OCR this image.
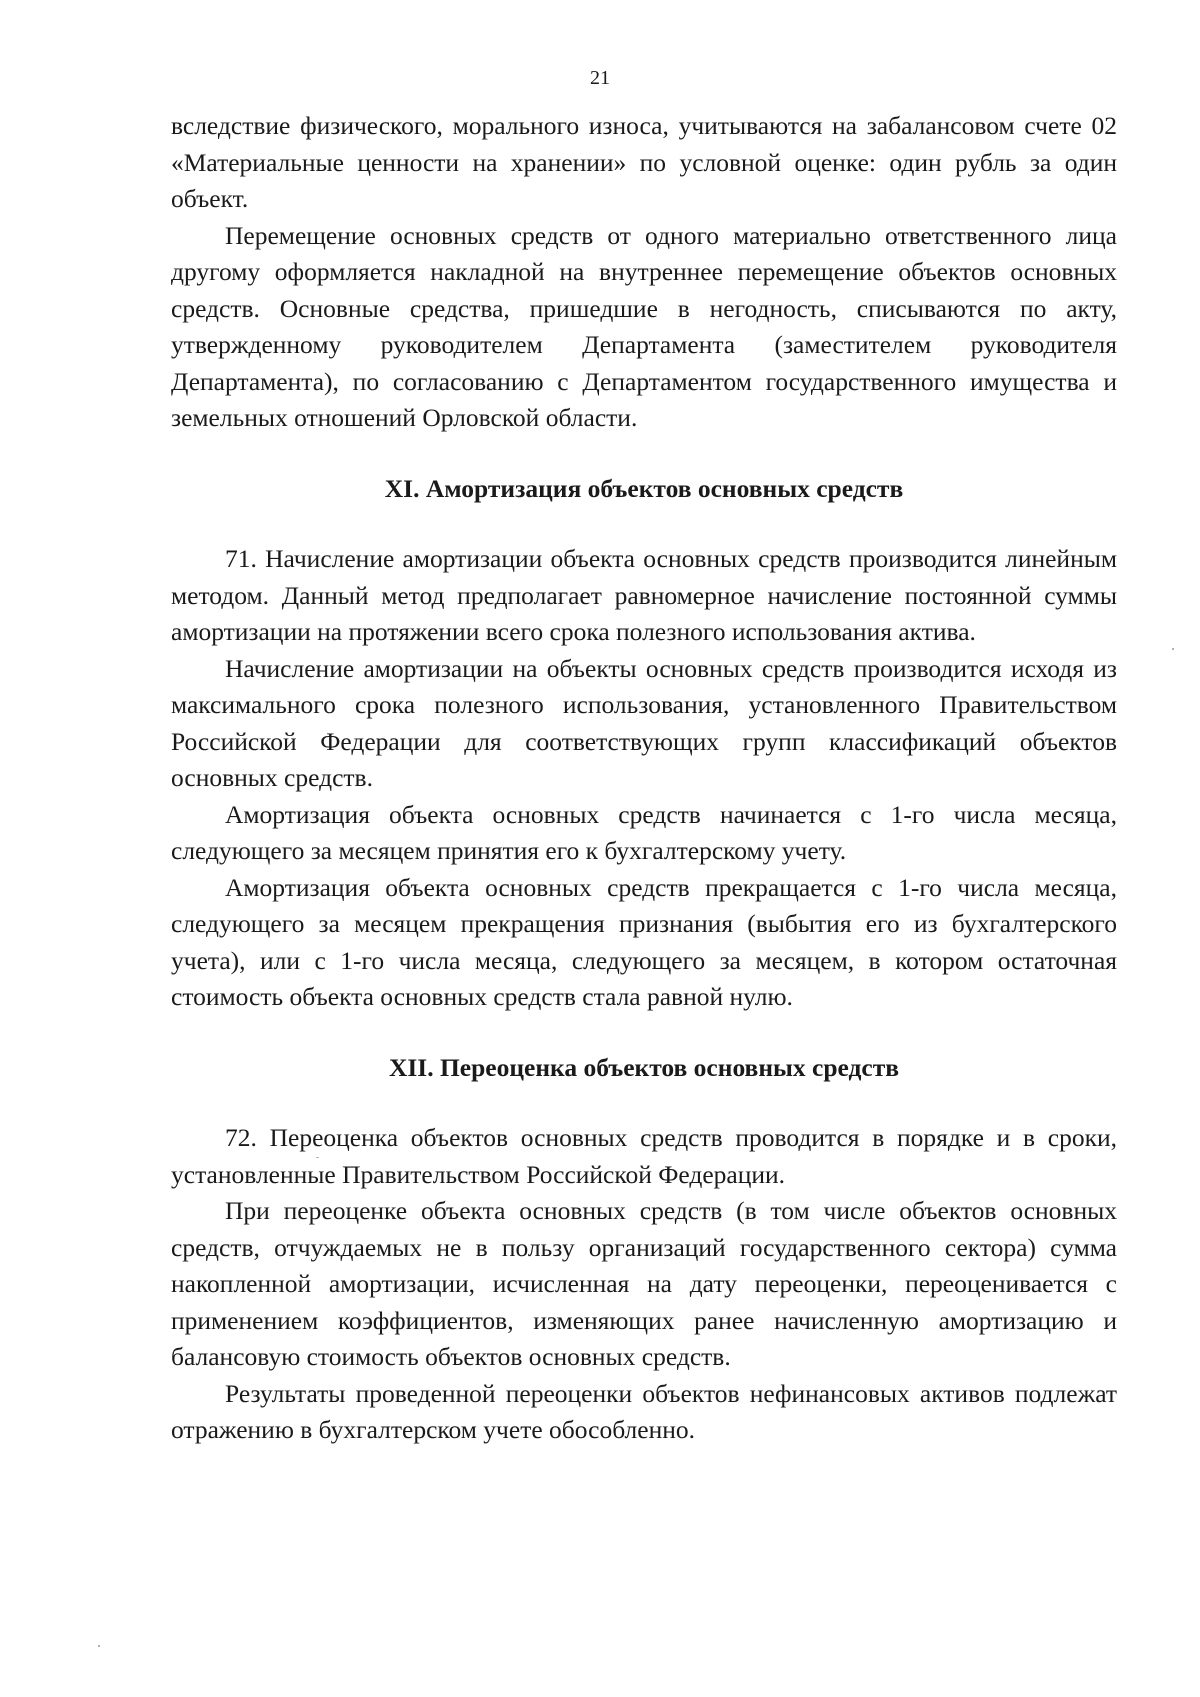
21

вследствие физического, морального износа, учитываются на забалансовом счете 02 «Материальные ценности на хранении» по условной оценке: один рубль за один объект.

Перемещение основных средств от одного материально ответственного лица другому оформляется накладной на внутреннее перемещение объектов основных средств. Основные средства, пришедшие в негодность, списываются по акту, утвержденному руководителем Департамента (заместителем руководителя Департамента), по согласованию с Департаментом государственного имущества и земельных отношений Орловской области.

XI. Амортизация объектов основных средств

71. Начисление амортизации объекта основных средств производится линейным методом. Данный метод предполагает равномерное начисление постоянной суммы амортизации на протяжении всего срока полезного использования актива.

Начисление амортизации на объекты основных средств производится исходя из максимального срока полезного использования, установленного Правительством Российской Федерации для соответствующих групп классификаций объектов основных средств.

Амортизация объекта основных средств начинается с 1-го числа месяца, следующего за месяцем принятия его к бухгалтерскому учету.

Амортизация объекта основных средств прекращается с 1-го числа месяца, следующего за месяцем прекращения признания (выбытия его из бухгалтерского учета), или с 1-го числа месяца, следующего за месяцем, в котором остаточная стоимость объекта основных средств стала равной нулю.

XII. Переоценка объектов основных средств

72. Переоценка объектов основных средств проводится в порядке и в сроки, установленные Правительством Российской Федерации.

При переоценке объекта основных средств (в том числе объектов основных средств, отчуждаемых не в пользу организаций государственного сектора) сумма накопленной амортизации, исчисленная на дату переоценки, переоценивается с применением коэффициентов, изменяющих ранее начисленную амортизацию и балансовую стоимость объектов основных средств.

Результаты проведенной переоценки объектов нефинансовых активов подлежат отражению в бухгалтерском учете обособленно.
